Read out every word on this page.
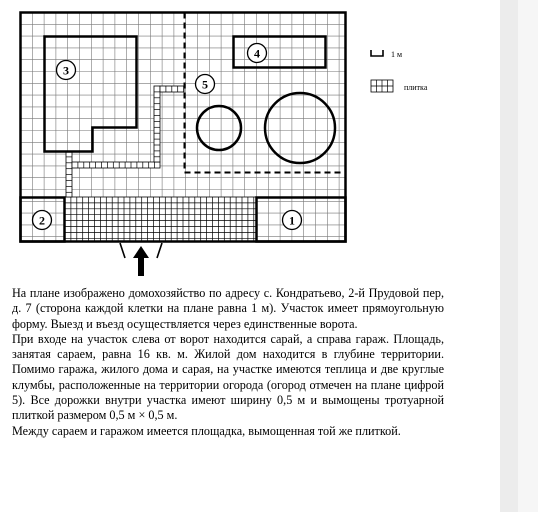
3
4
5
2	1
1 м
плитка

На плане изображено домохозяйство по адресу с. Кондратьево, 2-й Прудовой пер, д. 7 (сторона каждой клетки на плане равна 1 м). Участок имеет прямоугольную форму. Выезд и въезд осуществляется через единственные ворота.

При входе на участок слева от ворот находится сарай, а справа гараж. Площадь, занятая сараем, равна 16 кв. м. Жилой дом находится в глубине территории. Помимо гаража, жилого дома и сарая, на участке имеются теплица и две круглые клумбы, расположенные на территории огорода (огород отмечен на плане цифрой 5). Все дорожки внутри участка имеют ширину 0,5 м и вымощены тротуарной плиткой размером 0,5 м × 0,5 м.

Между сараем и гаражом имеется площадка, вымощенная той же плиткой.
